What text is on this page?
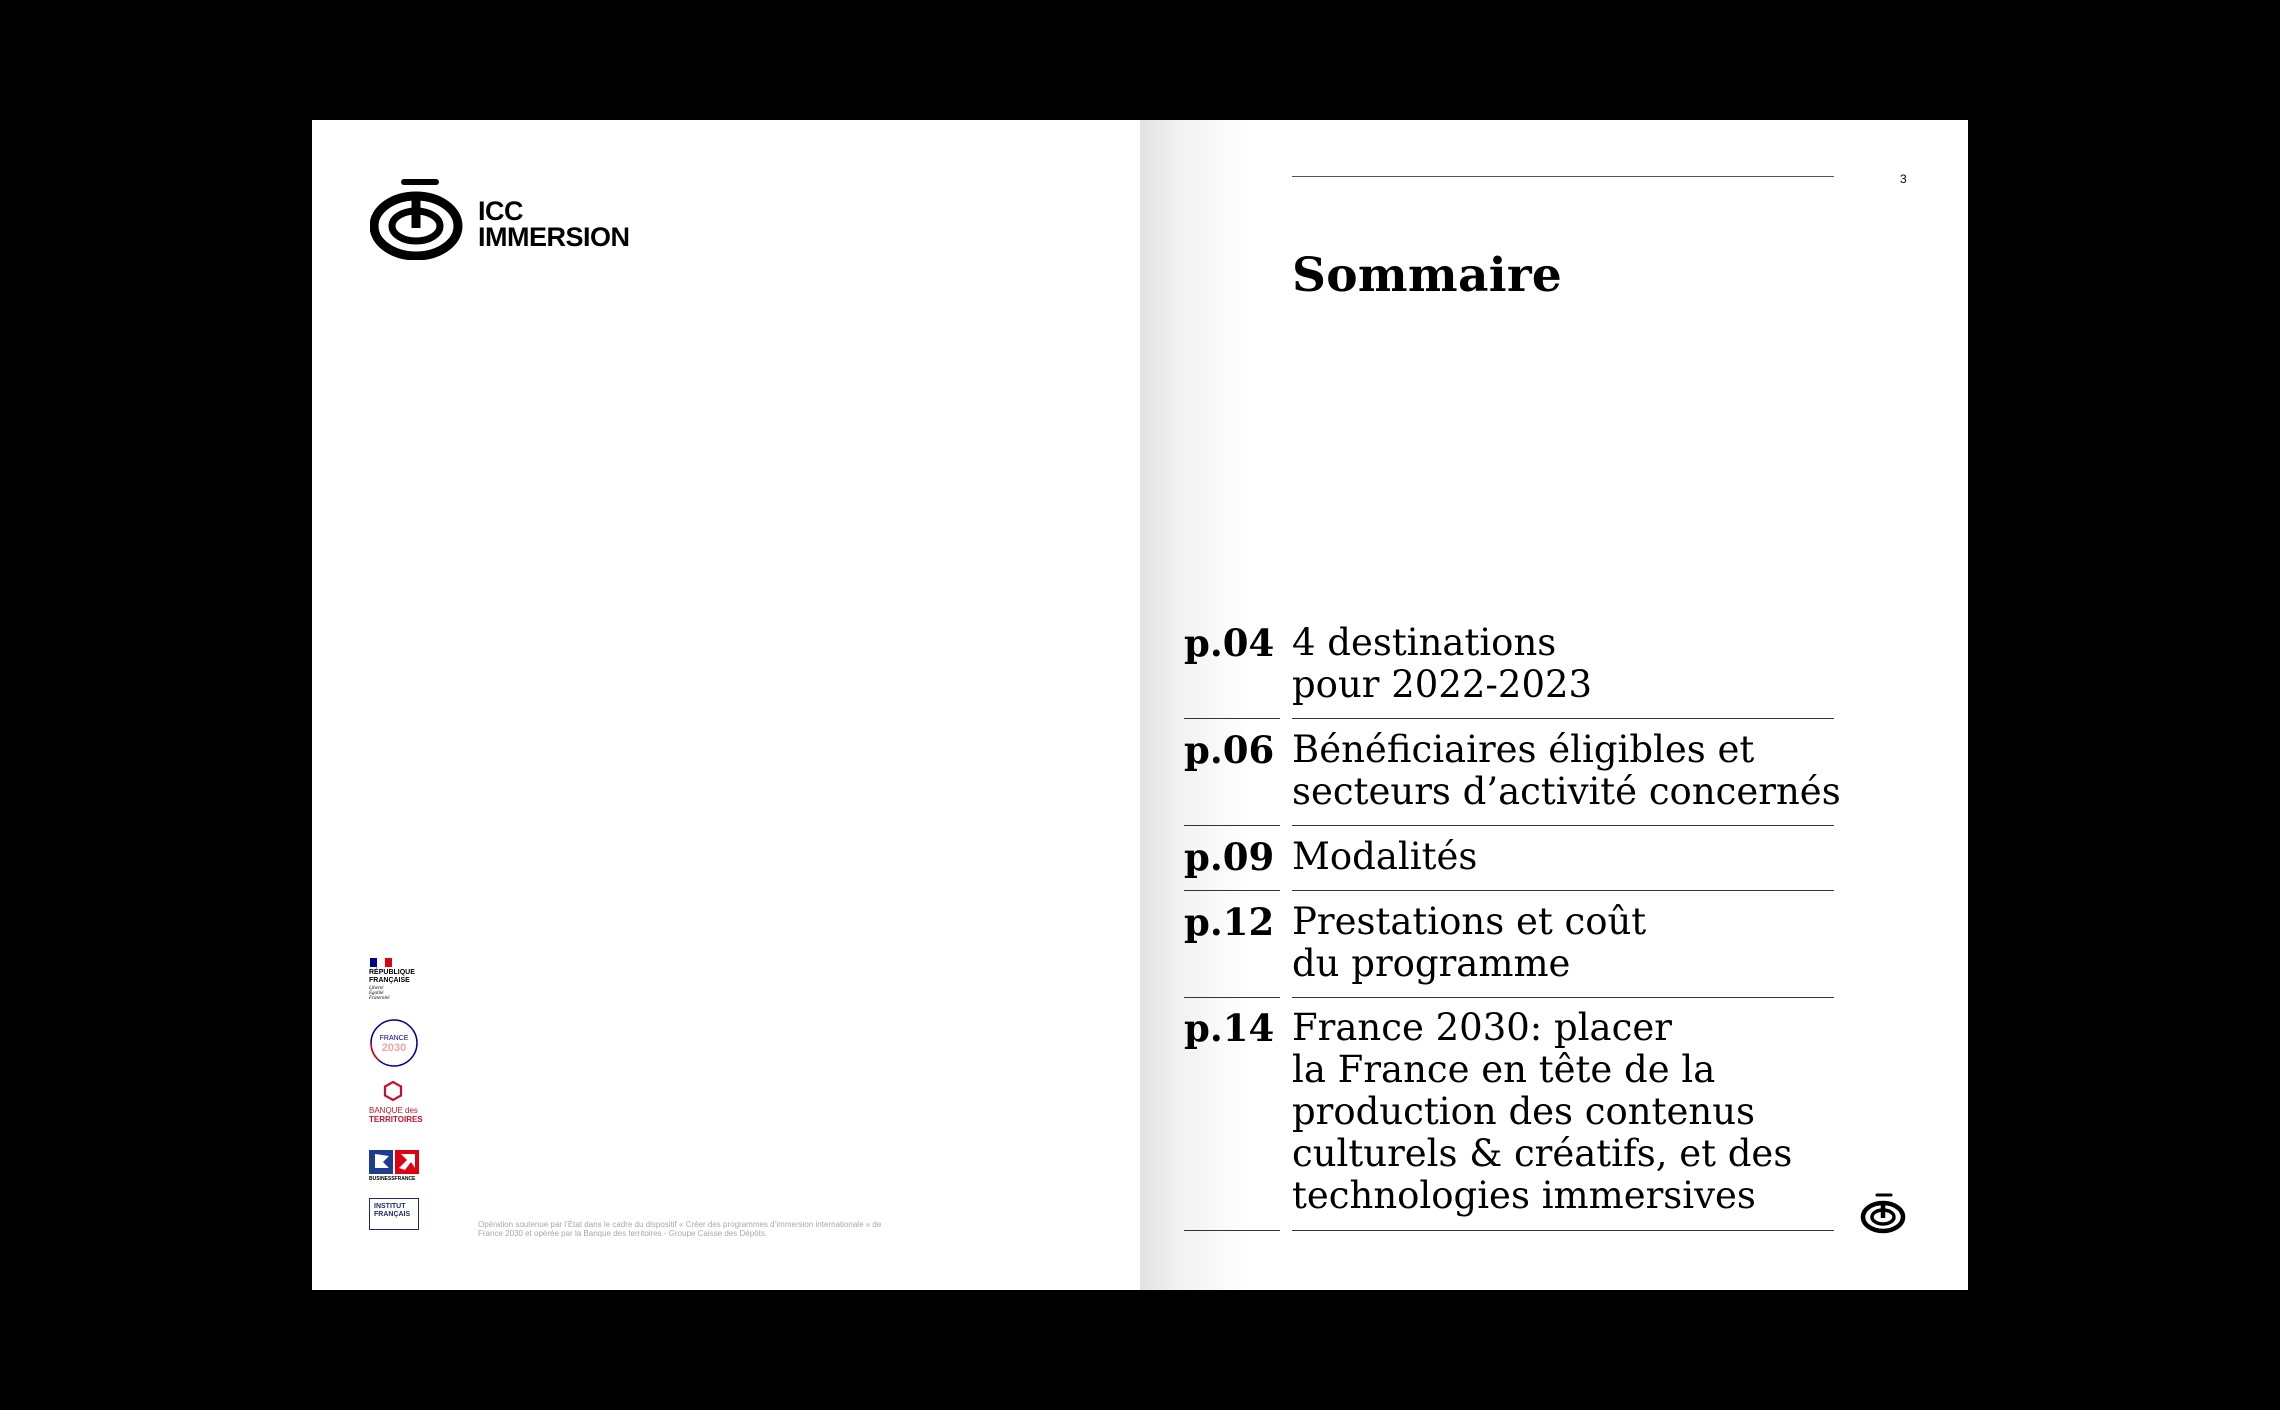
ICC
IMMERSION
RÉPUBLIQUE FRANÇAISE
Liberté Égalité Fraternité
FRANCE
2030
BANQUE des
TERRITOIRES
BUSINESSFRANCE
INSTITUT FRANÇAIS
Opération soutenue par l’État dans le cadre du dispositif « Créer des programmes d’immersion internationale » de France 2030 et opérée par la Banque des territoires - Groupe Caisse des Dépôts.
3
Sommaire
p.04 4 destinations
pour 2022-2023
p.06 Bénéficiaires éligibles et
secteurs d’activité concernés
p.09 Modalités
p.12 Prestations et coût
du programme
p.14 France 2030: placer
la France en tête de la
production des contenus
culturels & créatifs, et des
technologies immersives
